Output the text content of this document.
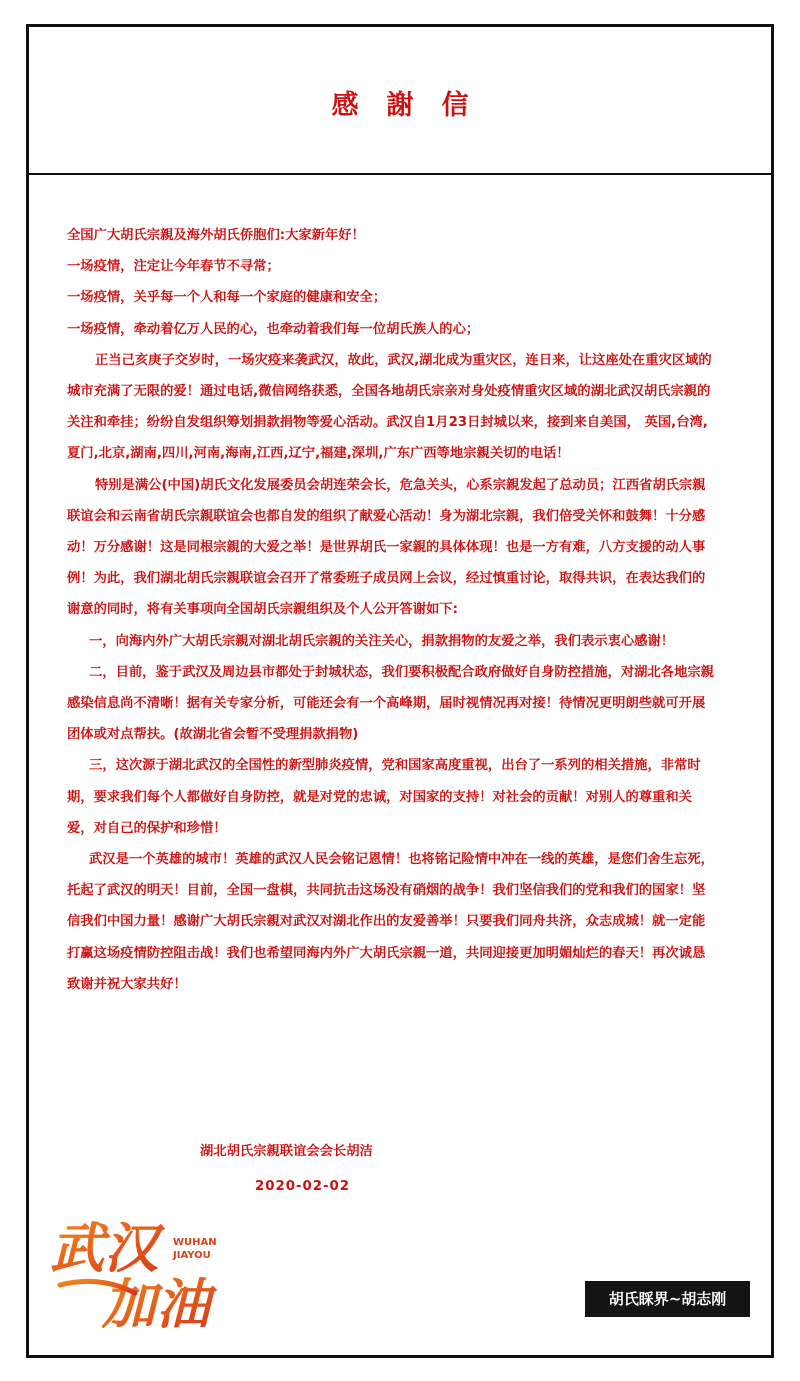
感謝信

全国广大胡氏宗親及海外胡氏侨胞们:大家新年好！

一场疫情，注定让今年春节不寻常；

一场疫情，关乎每一个人和每一个家庭的健康和安全；

一场疫情，牵动着亿万人民的心，也牵动着我们每一位胡氏族人的心；

正当己亥庚子交岁时，一场灾疫来袭武汉，故此，武汉,湖北成为重灾区，连日来，让这座处在重灾区域的城市充满了无限的爱！通过电话,微信网络获悉，全国各地胡氏宗亲对身处疫情重灾区域的湖北武汉胡氏宗親的关注和牵挂；纷纷自发组织筹划捐款捐物等爱心活动。武汉自1月23日封城以来，接到来自美国， 英国,台湾,夏门,北京,湖南,四川,河南,海南,江西,辽宁,福建,深圳,广东广西等地宗親关切的电话！

特别是满公(中国)胡氏文化发展委员会胡连荣会长，危急关头，心系宗親发起了总动员；江西省胡氏宗親联谊会和云南省胡氏宗親联谊会也都自发的组织了献爱心活动！身为湖北宗親，我们倍受关怀和鼓舞！十分感动！万分感谢！这是同根宗親的大爱之举！是世界胡氏一家親的具体体现！也是一方有难，八方支援的动人事例！为此，我们湖北胡氏宗親联谊会召开了常委班子成员网上会议，经过慎重讨论，取得共识，在表达我们的谢意的同时，将有关事项向全国胡氏宗親组织及个人公开答谢如下:

一，向海内外广大胡氏宗親对湖北胡氏宗親的关注关心，捐款捐物的友爱之举，我们表示衷心感谢！

二，目前，鉴于武汉及周边县市都处于封城状态，我们要积极配合政府做好自身防控措施，对湖北各地宗親感染信息尚不清晰！据有关专家分析，可能还会有一个高峰期，届时视情况再对接！待情况更明朗些就可开展团体或对点帮扶。(故湖北省会暂不受理捐款捐物)

三，这次源于湖北武汉的全国性的新型肺炎疫情，党和国家高度重视，出台了一系列的相关措施，非常时期，要求我们每个人都做好自身防控，就是对党的忠诚，对国家的支持！对社会的贡献！对别人的尊重和关爱，对自己的保护和珍惜！

武汉是一个英雄的城市！英雄的武汉人民会铭记恩情！也将铭记险情中冲在一线的英雄，是您们舍生忘死，托起了武汉的明天！目前，全国一盘棋，共同抗击这场没有硝烟的战争！我们坚信我们的党和我们的国家！坚信我们中国力量！感谢广大胡氏宗親对武汉对湖北作出的友爱善举！只要我们同舟共济，众志成城！就一定能打赢这场疫情防控阻击战！我们也希望同海内外广大胡氏宗親一道，共同迎接更加明媚灿烂的春天！再次诚恳致谢并祝大家共好！

湖北胡氏宗親联谊会会长胡洁
2020-02-02
武汉
加油
WUHAN
JIAYOU
胡氏睬界~胡志刚
